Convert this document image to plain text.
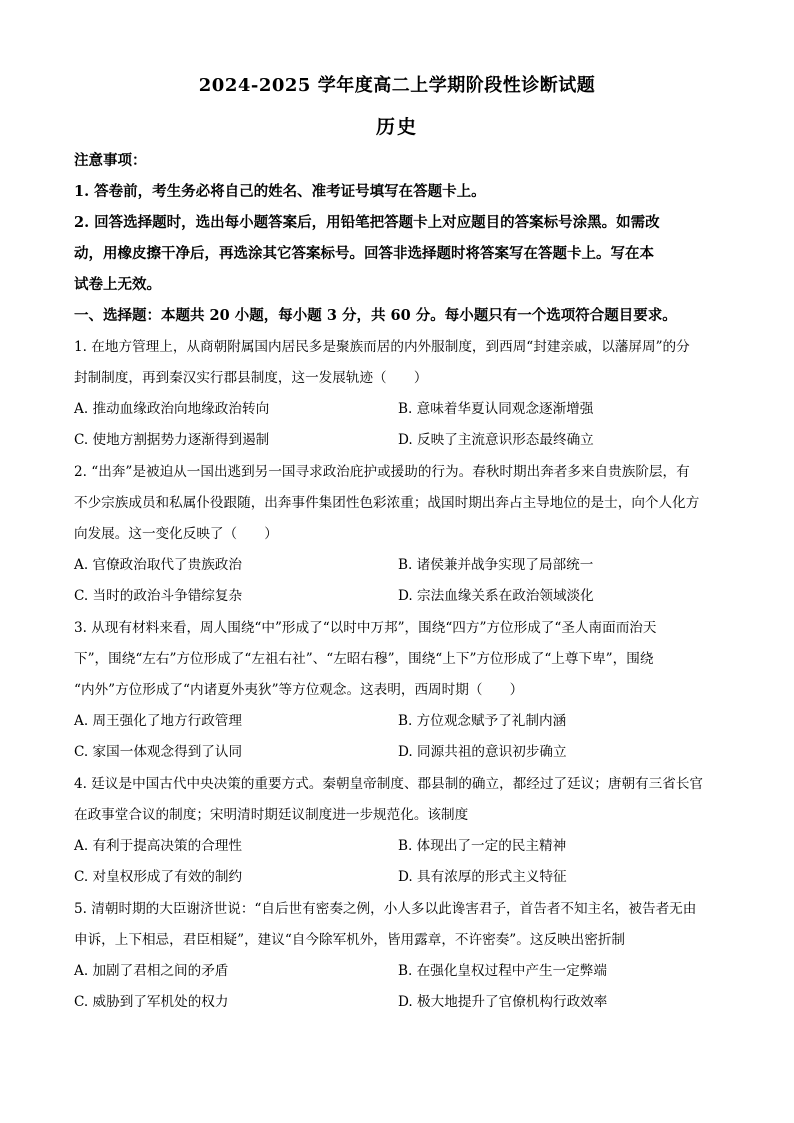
2024-2025 学年度高二上学期阶段性诊断试题
历史
注意事项：
1. 答卷前，考生务必将自己的姓名、准考证号填写在答题卡上。
2. 回答选择题时，选出每小题答案后，用铅笔把答题卡上对应题目的答案标号涂黑。如需改
动，用橡皮擦干净后，再选涂其它答案标号。回答非选择题时将答案写在答题卡上。写在本
试卷上无效。
一、选择题：本题共 20 小题，每小题 3 分，共 60 分。每小题只有一个选项符合题目要求。
1. 在地方管理上，从商朝附属国内居民多是聚族而居的内外服制度，到西周“封建亲戚，以藩屏周”的分
封制制度，再到秦汉实行郡县制度，这一发展轨迹（　　）
A. 推动血缘政治向地缘政治转向	B. 意味着华夏认同观念逐渐增强
C. 使地方割据势力逐渐得到遏制	D. 反映了主流意识形态最终确立
2. “出奔”是被迫从一国出逃到另一国寻求政治庇护或援助的行为。春秋时期出奔者多来自贵族阶层，有
不少宗族成员和私属仆役跟随，出奔事件集团性色彩浓重；战国时期出奔占主导地位的是士，向个人化方
向发展。这一变化反映了（　　）
A. 官僚政治取代了贵族政治	B. 诸侯兼并战争实现了局部统一
C. 当时的政治斗争错综复杂	D. 宗法血缘关系在政治领域淡化
3. 从现有材料来看，周人围绕“中”形成了“以时中万邦”，围绕“四方”方位形成了“圣人南面而治天
下”，围绕“左右”方位形成了“左祖右社”、“左昭右穆”，围绕“上下”方位形成了“上尊下卑”，围绕
“内外”方位形成了“内诸夏外夷狄”等方位观念。这表明，西周时期（　　）
A. 周王强化了地方行政管理	B. 方位观念赋予了礼制内涵
C. 家国一体观念得到了认同	D. 同源共祖的意识初步确立
4. 廷议是中国古代中央决策的重要方式。秦朝皇帝制度、郡县制的确立，都经过了廷议；唐朝有三省长官
在政事堂合议的制度；宋明清时期廷议制度进一步规范化。该制度
A. 有利于提高决策的合理性	B. 体现出了一定的民主精神
C. 对皇权形成了有效的制约	D. 具有浓厚的形式主义特征
5. 清朝时期的大臣谢济世说：“自后世有密奏之例，小人多以此谗害君子，首告者不知主名，被告者无由
申诉，上下相忌，君臣相疑”，建议“自今除军机外，皆用露章，不许密奏”。这反映出密折制
A. 加剧了君相之间的矛盾	B. 在强化皇权过程中产生一定弊端
C. 威胁到了军机处的权力	D. 极大地提升了官僚机构行政效率
